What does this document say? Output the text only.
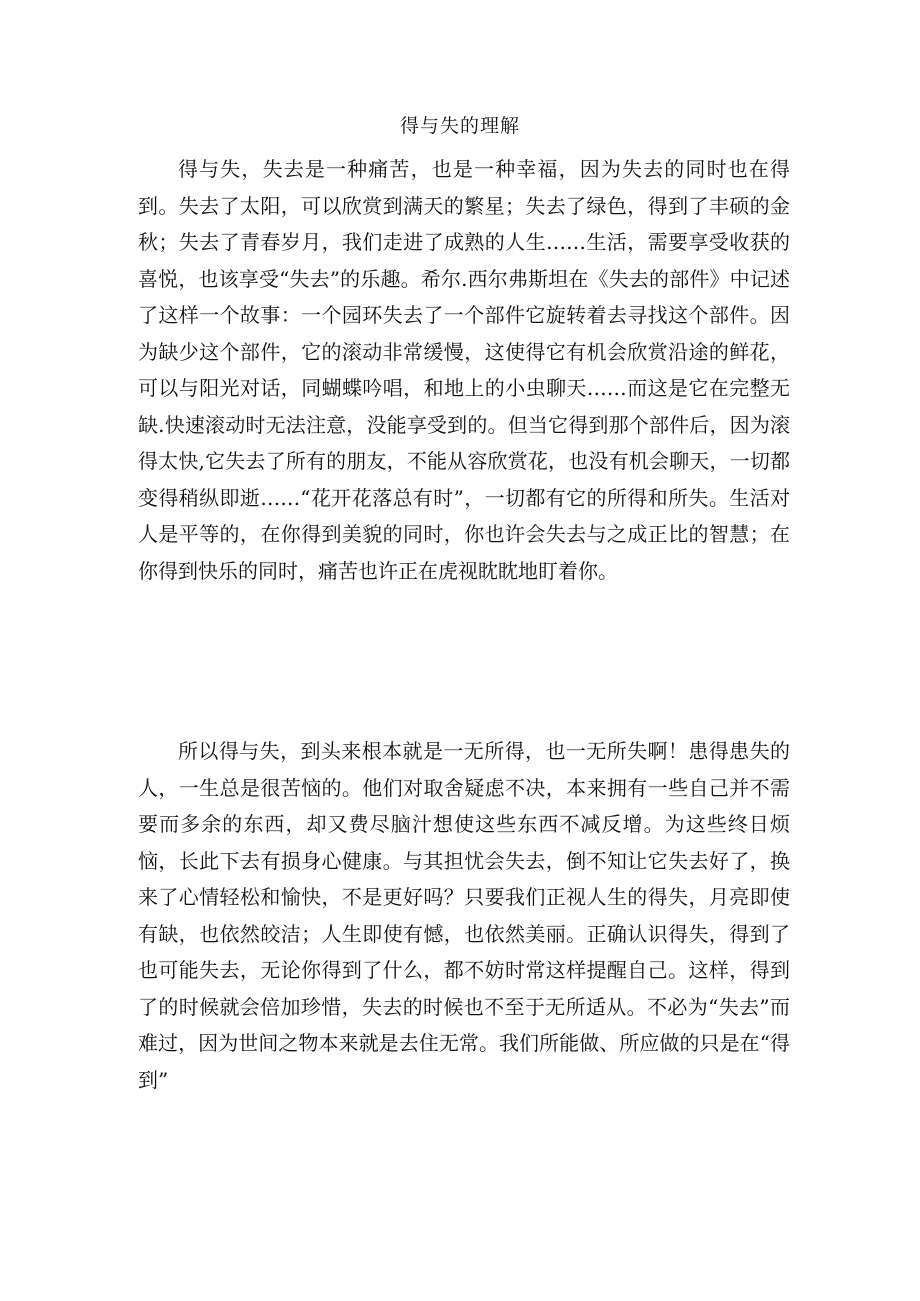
得与失的理解

得与失，失去是一种痛苦，也是一种幸福，因为失去的同时也在得到。失去了太阳，可以欣赏到满天的繁星；失去了绿色，得到了丰硕的金秋；失去了青春岁月，我们走进了成熟的人生……生活，需要享受收获的喜悦，也该享受“失去”的乐趣。希尔.西尔弗斯坦在《失去的部件》中记述了这样一个故事：一个园环失去了一个部件它旋转着去寻找这个部件。因为缺少这个部件，它的滚动非常缓慢，这使得它有机会欣赏沿途的鲜花，可以与阳光对话，同蝴蝶吟唱，和地上的小虫聊天……而这是它在完整无缺.快速滚动时无法注意，没能享受到的。但当它得到那个部件后，因为滚得太快,它失去了所有的朋友，不能从容欣赏花，也没有机会聊天，一切都变得稍纵即逝……“花开花落总有时”，一切都有它的所得和所失。生活对人是平等的，在你得到美貌的同时，你也许会失去与之成正比的智慧；在你得到快乐的同时，痛苦也许正在虎视眈眈地盯着你。

所以得与失，到头来根本就是一无所得，也一无所失啊！患得患失的人，一生总是很苦恼的。他们对取舍疑虑不决，本来拥有一些自己并不需要而多余的东西，却又费尽脑汁想使这些东西不减反增。为这些终日烦恼，长此下去有损身心健康。与其担忧会失去，倒不知让它失去好了，换来了心情轻松和愉快，不是更好吗？只要我们正视人生的得失，月亮即使有缺，也依然皎洁；人生即使有憾，也依然美丽。正确认识得失，得到了也可能失去，无论你得到了什么，都不妨时常这样提醒自己。这样，得到了的时候就会倍加珍惜，失去的时候也不至于无所适从。不必为“失去”而难过，因为世间之物本来就是去住无常。我们所能做、所应做的只是在“得到”
